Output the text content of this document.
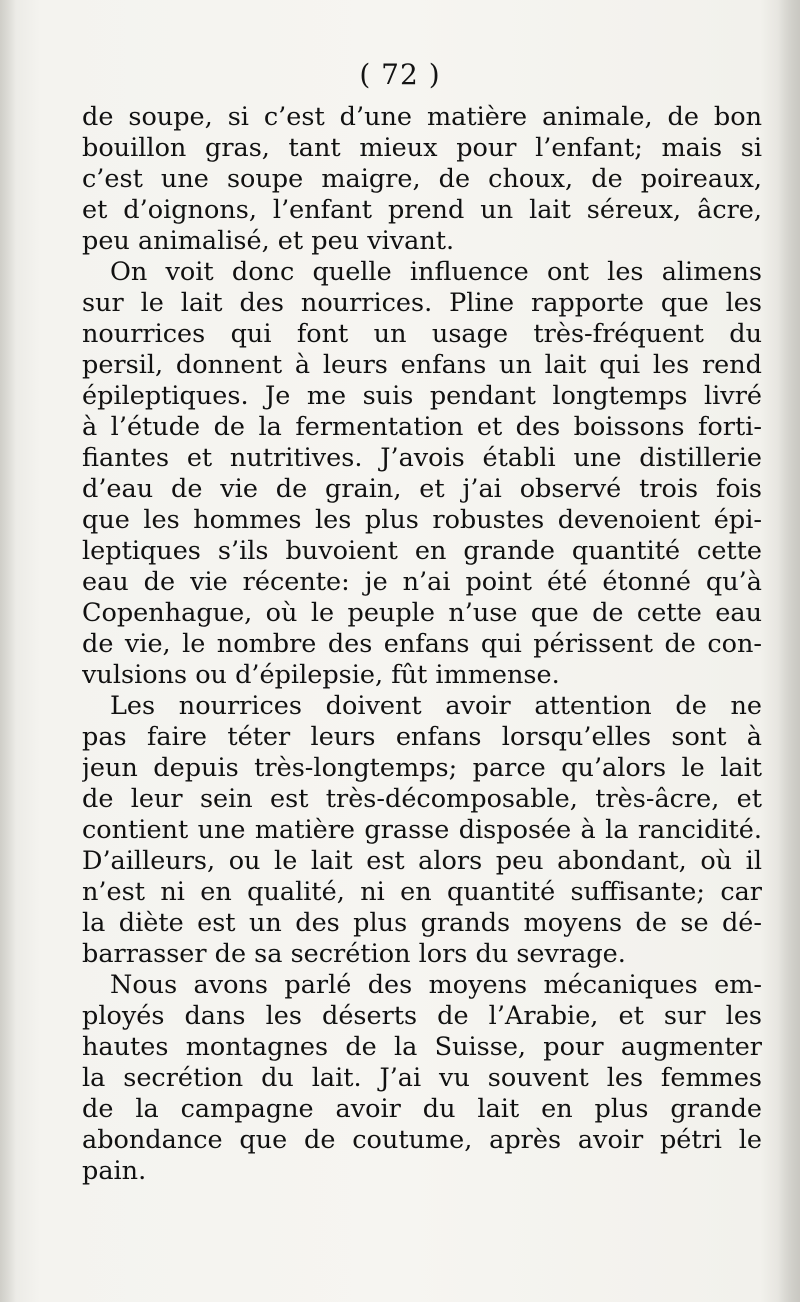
( 72 )
de soupe, si c’est d’une matière animale, de bon
bouillon gras, tant mieux pour l’enfant; mais si
c’est une soupe maigre, de choux, de poireaux,
et d’oignons, l’enfant prend un lait séreux, âcre,
peu animalisé, et peu vivant.
On voit donc quelle influence ont les alimens
sur le lait des nourrices. Pline rapporte que les
nourrices qui font un usage très-fréquent du
persil, donnent à leurs enfans un lait qui les rend
épileptiques. Je me suis pendant longtemps livré
à l’étude de la fermentation et des boissons forti-
fiantes et nutritives. J’avois établi une distillerie
d’eau de vie de grain, et j’ai observé trois fois
que les hommes les plus robustes devenoient épi-
leptiques s’ils buvoient en grande quantité cette
eau de vie récente: je n’ai point été étonné qu’à
Copenhague, où le peuple n’use que de cette eau
de vie, le nombre des enfans qui périssent de con-
vulsions ou d’épilepsie, fût immense.
Les nourrices doivent avoir attention de ne
pas faire téter leurs enfans lorsqu’elles sont à
jeun depuis très-longtemps; parce qu’alors le lait
de leur sein est très-décomposable, très-âcre, et
contient une matière grasse disposée à la rancidité.
D’ailleurs, ou le lait est alors peu abondant, où il
n’est ni en qualité, ni en quantité suffisante; car
la diète est un des plus grands moyens de se dé-
barrasser de sa secrétion lors du sevrage.
Nous avons parlé des moyens mécaniques em-
ployés dans les déserts de l’Arabie, et sur les
hautes montagnes de la Suisse, pour augmenter
la secrétion du lait. J’ai vu souvent les femmes
de la campagne avoir du lait en plus grande
abondance que de coutume, après avoir pétri le
pain.
